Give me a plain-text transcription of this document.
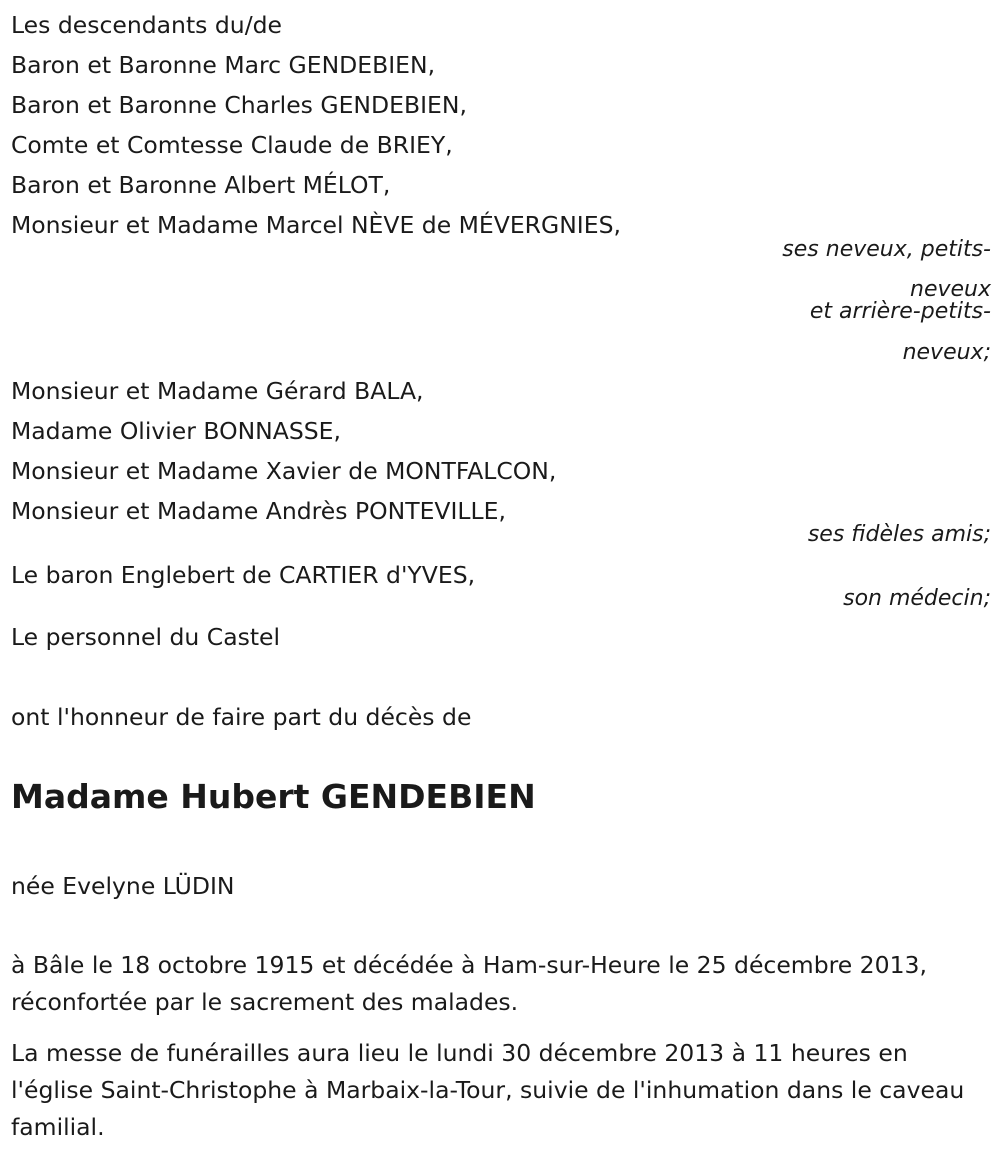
Les descendants du/de
Baron et Baronne Marc GENDEBIEN,
Baron et Baronne Charles GENDEBIEN,
Comte et Comtesse Claude de BRIEY,
Baron et Baronne Albert MÉLOT,
Monsieur et Madame Marcel NÈVE de MÉVERGNIES,
ses neveux, petits-
neveux
et arrière-petits-
neveux;
Monsieur et Madame Gérard BALA,
Madame Olivier BONNASSE,
Monsieur et Madame Xavier de MONTFALCON,
Monsieur et Madame Andrès PONTEVILLE,
ses fidèles amis;
Le baron Englebert de CARTIER d'YVES,
son médecin;
Le personnel du Castel
ont l'honneur de faire part du décès de
Madame Hubert GENDEBIEN
née Evelyne LÜDIN
à Bâle le 18 octobre 1915 et décédée à Ham-sur-Heure le 25 décembre 2013, réconfortée par le sacrement des malades.
La messe de funérailles aura lieu le lundi 30 décembre 2013 à 11 heures en l'église Saint-Christophe à Marbaix-la-Tour, suivie de l'inhumation dans le caveau familial.
